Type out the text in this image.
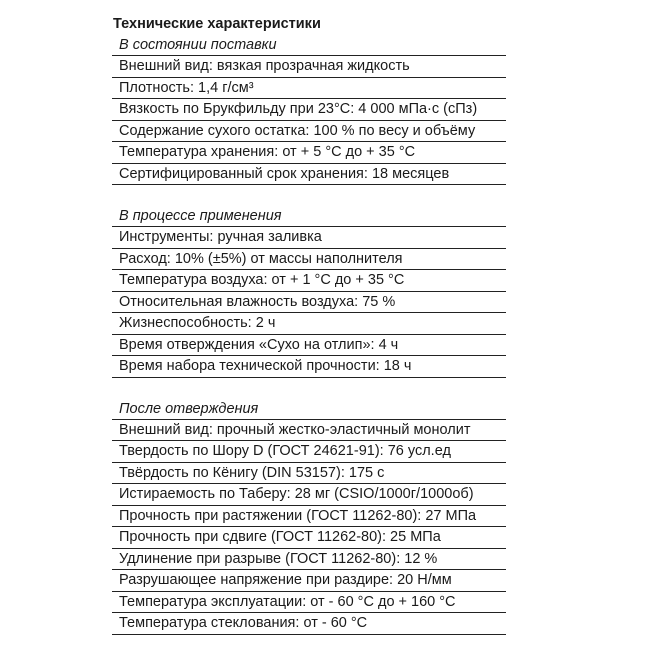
Технические характеристики
В состоянии поставки
Внешний вид: вязкая прозрачная жидкость
Плотность: 1,4 г/см³
Вязкость по Брукфильду при 23°С: 4 000 мПа·с (сПз)
Содержание сухого остатка: 100 % по весу и объёму
Температура хранения: от + 5 °С до + 35 °С
Сертифицированный срок хранения: 18 месяцев
В процессе применения
Инструменты: ручная заливка
Расход: 10% (±5%) от массы наполнителя
Температура воздуха: от + 1 °С до + 35 °С
Относительная влажность воздуха: 75 %
Жизнеспособность: 2 ч
Время отверждения «Сухо на отлип»: 4 ч
Время набора технической прочности: 18 ч
После отверждения
Внешний вид: прочный жестко-эластичный монолит
Твердость по Шору D (ГОСТ 24621-91): 76 усл.ед
Твёрдость по Кёнигу (DIN 53157): 175 с
Истираемость по Таберу: 28 мг (CSIO/1000г/1000об)
Прочность при растяжении (ГОСТ 11262-80): 27 МПа
Прочность при сдвиге (ГОСТ 11262-80): 25 МПа
Удлинение при разрыве (ГОСТ 11262-80): 12 %
Разрушающее напряжение при раздире: 20 Н/мм
Температура эксплуатации: от - 60 °С до + 160 °С
Температура стеклования: от - 60 °С
